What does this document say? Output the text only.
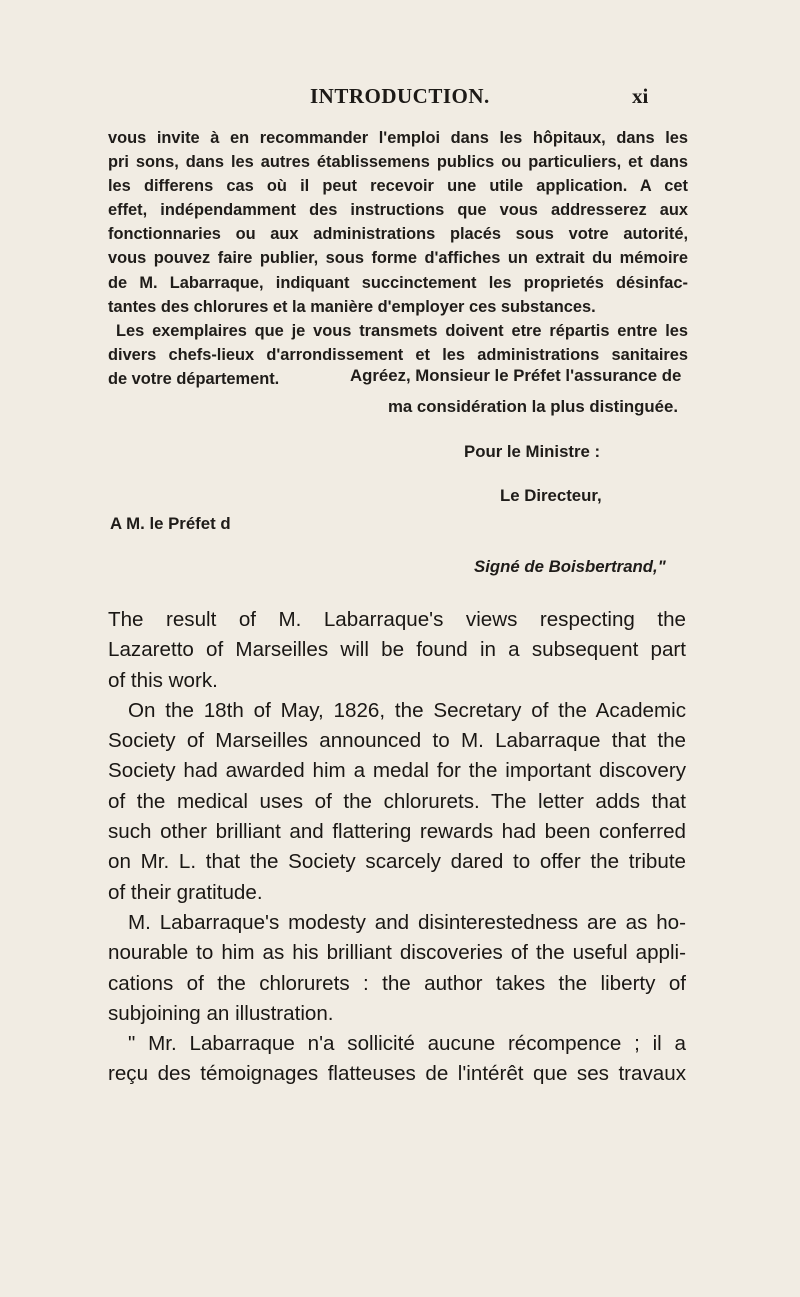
INTRODUCTION.	xi
vous invite à en recommander l'emploi dans les hôpitaux, dans les
pri sons, dans les autres établissemens publics ou particuliers, et dans
les differens cas où il peut recevoir une utile application. A cet
effet, indépendamment des instructions que vous addresserez aux
fonctionnaries ou aux administrations placés sous votre autorité,
vous pouvez faire publier, sous forme d'affiches un extrait du mémoire
de M. Labarraque, indiquant succinctement les proprietés désinfac-
tantes des chlorures et la manière d'employer ces substances.
Les exemplaires que je vous transmets doivent etre répartis entre les
divers chefs-lieux d'arrondissement et les administrations sanitaires
de votre département.	Agréez, Monsieur le Préfet l'assurance de
ma considération la plus distinguée.
Pour le Ministre :
Le Directeur,
A M. le Préfet d
Signé de Boisbertrand,"
The result of M. Labarraque's views respecting the
Lazaretto of Marseilles will be found in a subsequent part
of this work.
On the 18th of May, 1826, the Secretary of the Academic
Society of Marseilles announced to M. Labarraque that the
Society had awarded him a medal for the important discovery
of the medical uses of the chlorurets. The letter adds that
such other brilliant and flattering rewards had been conferred
on Mr. L. that the Society scarcely dared to offer the tribute
of their gratitude.
M. Labarraque's modesty and disinterestedness are as ho-
nourable to him as his brilliant discoveries of the useful appli-
cations of the chlorurets : the author takes the liberty of
subjoining an illustration.
" Mr. Labarraque n'a sollicité aucune récompence ; il a
reçu des témoignages flatteuses de l'intérêt que ses travaux
